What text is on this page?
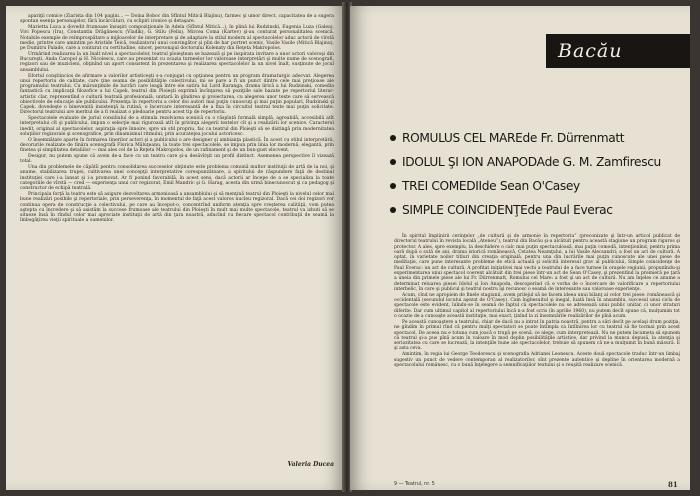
apariţii comice (Ziarista din 104 pagini... — Doina Boboc din Sfîntul Mitică Blajinu), farmec şi umor direct, capacitatea de a sugera spontan esenţa personajelor, fără încărcături, cu sclipiri ironice şi detaşare.

Marietta Luca a dovedit frumoase însuşiri compoziţionale în Adela (Sfîntul Mitică...), în plină lui Rudzinski, Eugenia Luza (Galea), Vivi Popescu (Ira), Constantin Drăgănescu (Vladik), G. Stilu (Felix), Mircea Coma (Kartev) şi-au conturat personalitatea scenică. Notabile exemple de reîmprospătare a mijloacelor de interpretare şi de adaptare la stilul modern al spectacolelor aduc actorii de vîrstă medie, printre care amintim pe Aristide Teică, realizatorul unui convingător şi plin de har portret scenic, Vasile Vasile (Mitică Blajinu), pe Dumitru Palade, care a conturat cu certitudine, sincer, personajul doctorului Kolenaty din Reţeta Makropolos.

Urmărind realizarea la un înalt nivel a spectacolelor, teatrul ploieştean se bazează şi pe inspirata invitare a unor actori valoroşi din Bucureşti, Anda Caropol şi H. Nicolescu, care au prezentat cu ocazia turneelor lor valoroase interpretări şi multe nume de scenografi, regizori sau de muzicieni, obţinînd un aport consistent în prezentarea şi realizarea spectacolelor la un nivel înalt, susţinute de jocul ansamblului.

Efortul conştiincios de afirmare a valorilor artisticeşti s-a conjugat cu opţiunea pentru un program dramaturgic adecvat. Alegerea unui repertoriu de calitate, care ţine seama de posibilităţile colectivului, mi se pare a fi un punct dintre cele mai preţioase ale programului teatrului. Cu mărunţimile de lucrări care leagă între ele satira lui Lord Raranga, drama lirică a lui Rudzinski, comedia fantastică cu implicaţii filozofice a lui Capek, teatrul din Ploieşti exprimă încînţarea să poziţiile sale bazate pe repertoriul literar-artistic clar, reprezentînd o cultură teatrală profesională, unitară în gîndirea şi proiectarea, cu alegerea unor texte care să servească obiectivele de educaţie ale publicului. Prezenţa în repertoriu a celor doi autori mai puţin cunoscuţi şi mai puţin populari, Rudzinski şi Capek, dovedeşte o binevenită insistenţă la rutină, o încercare interesantă de a fixa în circuitul teatral texte mai puţin solicitate. Directorul teatrului are meritul de a fi realizat o pledoarie pentru acest tip de repertoriu.

Spectacolele evaluate de juriul consiliului de a stimula rezolvarea scenică cu o răsplată formală simplă, agreabilă, accesibilă atît interpretului cît şi publicului, impun o selecţie mai riguroasă atît în privinţa alegerii textelor cît şi a realizării lor scenice. Caracterul inedit, original al spectacolelor, aspiraţia spre înnoire, spre un stil propriu, fac ca teatrul din Ploieşti să se distingă prin modernitatea soluţiilor regizorale şi scenografice, prin dinamismul ritmului, prin acurateţea jocului actoricesc.

O însemnătate aparte în formarea tinerilor actori şi a publicului o are designer şi ambianţa plastică. În acest cu stilul interpretării, decorurile realizate de tînăra scenografă Florica Măluţeanu, la toate trei spectacolele, se impun prin linia lor modernă, elegantă, prin finetea şi simplitatea detaliilor — mai ales cel de la Reţeta Makropolos, de un rafinament şi de un bun-gust elocvent.

Desigur, nu putem spune că avem de-a face cu un teatru care şi-a desăvîrşit un profil distinct. Asemenea perspective îl vizează total.

Una din problemele de căpătîi pentru consolidarea succeselor obţinute este problema comună multor instituţii de artă de la noi, şi anume, stabilizarea trupei, cultivarea unei concepţii interpretative corespunzătoare, a spiritului de răspundere faţă de destinul instituţiei care i-a lansat şi i-a promovat. Ar fi ponind favorabilă, în acest sens, dacă actorii ar începe de a se specializa la toate categoriile de vîrstă — cred — experienţa unui cor regizorat, Emil Mandric şi G. Harag, acesta din urmă binecunoscut şi ca pedagog şi constructor de echipă teatrală.

Principala forţă la teatru este să asigure dezvoltarea armonioasă a ansamblului şi să menţină teatrul din Ploieşti la nivelul celor mai bune realizări posibile şi repertoriale, prin perseverenţa, în momentul de faţă acest valoros nucleu regizoral. Dacă cei doi regizori vor continua opera de construcţie a colectivului, pe care au început-o, concentrînd uniform atenţia spre creşterea calităţii, vom putea aştepta cu încredere şi să asistăm la succese frumoase ale teatrului din Ploieşti în mult mai multe spectacole, teatrul va izbuti să se situeze însă în rîndul celor mai apreciate instituţii de artă din ţara noastră, aducînd cu fiecare spectacol contribuţii de seamă la îmbogăţirea vieţii spirituale a oamenilor.

Valeria Ducea
Bacău
ROMULUS CEL MARE de Fr. Dürrenmatt
IDOLUL ŞI ION ANAPODA de G. M. Zamfirescu
TREI COMEDII de Sean O'Casey
SIMPLE COINCIDENŢE de Paul Everac

În spiritul împlinirii cerinţelor „de cultură şi de armonie în repertoriu” (preconizate şi într-un articol publicat de directorul teatrului în revista locală „Ateneu”), teatrul din Bacău şi-a alcătuit pentru această stagiune un program riguros şi protector. A ales, spre exemplu, la deschidere o calc mai puţin spectaculoasă, mai puţin comodă, intenţionînd, pentru prima oară după o sută de ani, drama istorică românească, Cetatea Neamţului, a lui Vasile Alecsandri; a fost un act de cultură. A optat, în varietate noilor titluri din creaţia originală, pentru una din lucrările mai puţin cunoscute ale unei piese de meditaţie, care pune interesante probleme de etică actuală şi solicită interesul grav al publicului, Simple coincidenţe de Paul Everac: un act de cultură. A profitat iniţiativei mai vechi a teatrului de a face turnee în oraşele regiunii, propunîndu-şi experimentarea unui spectacol coerent alcătuit din trei piese într-un act de Sean O'Casey, şi prezentînd la premieră pe ţară a uneia din primele piese ale lui Fr. Dürrenmatt, Romulus cel Mare: a fost şi un act de cultură. Nu am înţeles ce anume a determinat reluarea piesei Idolul şi Ion Anapoda, descoperind că e vorba de o încercare de valorificare a repertoriului interbelic, în care şi publicul şi teatrul nostru îşi recunosc o seamă de interesante sau valoroase experienţe.

Acum, cînd ne apropiem de finele stagiunii, avem prilejul să ne facem ideea unui bilanţ al celor trei piese: românească şi occidentală (secundul locului aşezat de O'Casey). Cam înghesuitul şi inegal, luată însă în ansamblu, succesul unui ciclu de spectacole este evident, luîndu-se în seamă de faptul că spectacolele nu se adresează unui public unitar, ci unor straturi diferite. Dar cum ultimul capitol al repertoriului încă n-a fost scris (în aprilie 1960), nu putem decît spune că, mulţumim tot o ocazie de a cunoaşte această instituţie, mai exact, ţinînd la zi însemnările realizărilor de pînă acum.

Pe această cunoaştere a teatrului, chiar de dacă nu a intrat în patria noastră, pentru a sări decît pe acelaşi drum poziţia, ne gîndim în primul rînd că pentru mulţi spectatori se poate întîmpla ca întîlnirea lor cu teatrul să fie tocmai prin acest spectacol. De aceea nu e totuna cum joacă o trupă pe scenă, ce alege, cum interpretează. Nu ne putem încumeta să spunem că teatrul şi-a pus pînă acum în valoare în mod deplin posibilităţile artistice, dar privind la munca depusă, la atenţia şi seriozitatea cu care se lucrează, la intenţiile bune ale spectacolelor, trebuie să spunem că ne-a mulţumit în bună măsură. E şi asta ceva.

Amintim, în regia lui George Teodorescu şi scenografia Adrianei Leonescu. Aceste două spectacole traduc într-un limbaj sugestiv un punct de vedere contemporan al realizatorilor, sînt prezente autentice şi depline în orientarea modernă a spectacolului românesc, cu o bună înţelegere a semnificaţiilor textului şi o reuşită realizare scenică.

9 — Teatrul, nr. 5	81
